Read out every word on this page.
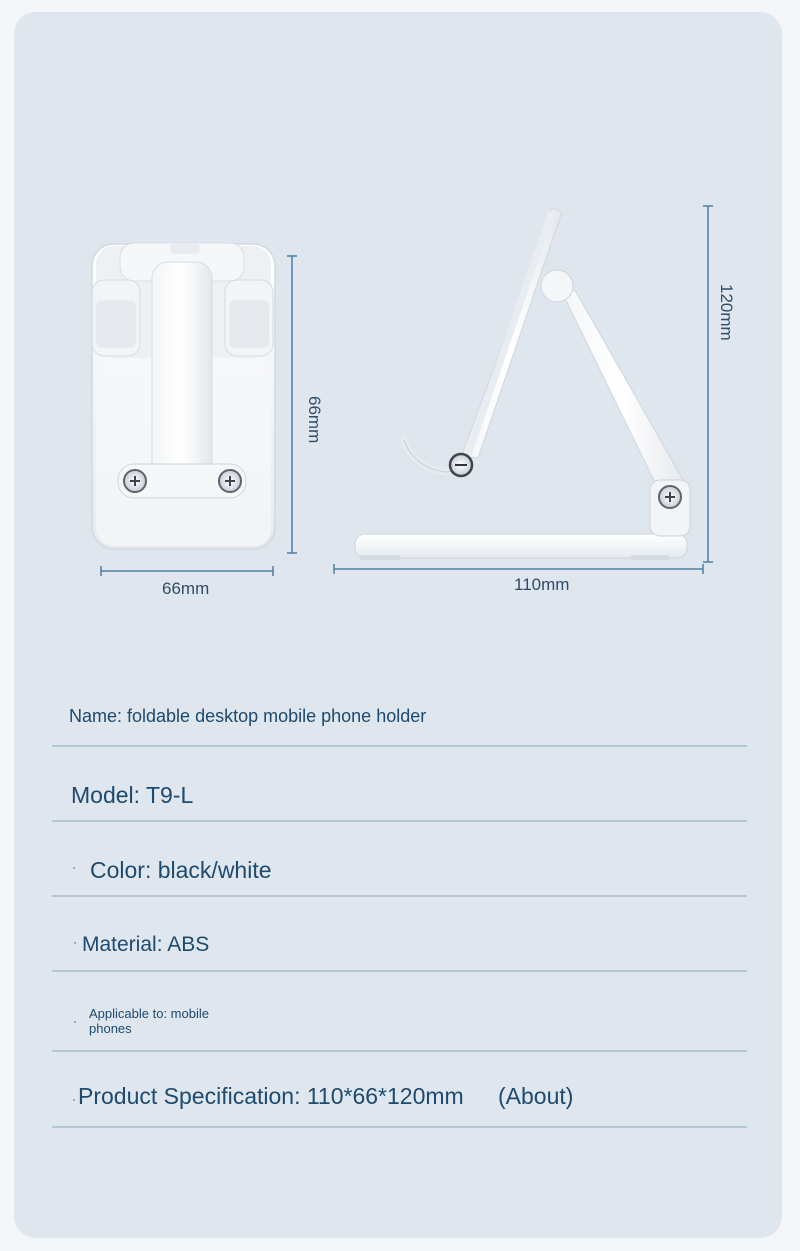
66mm
66mm
120mm
110mm
Name: foldable desktop mobile phone holder
Model: T9-L
· Color: black/white
· Material: ABS
· Applicable to: mobile
phones
· Product Specification: 110*66*120mm (About)
